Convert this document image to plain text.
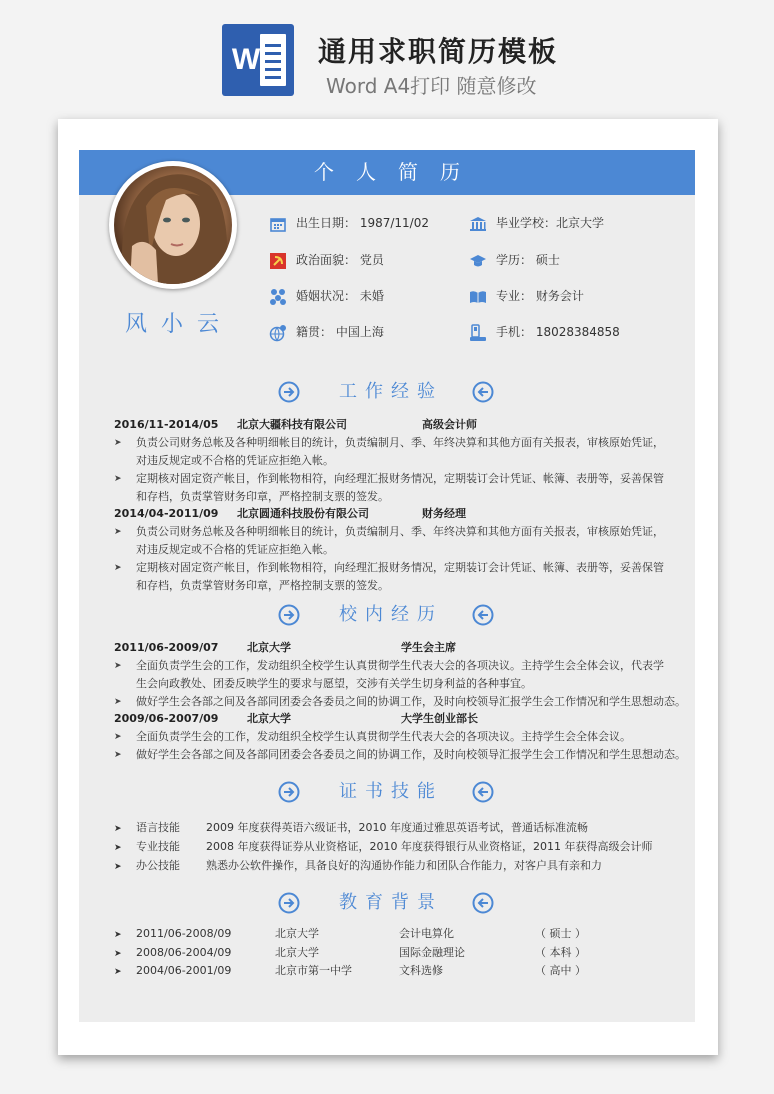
W 通用求职简历模板
Word A4打印 随意修改
个人简历
风小云
出生日期： 1987/11/02
政治面貌： 党员
婚姻状况： 未婚
籍贯： 中国上海
毕业学校：北京大学
学历： 硕士
专业： 财务会计
手机： 18028384858
工作经验
2016/11-2014/05 北京大疆科技有限公司	高级会计师
➤ 负责公司财务总帐及各种明细帐目的统计，负责编制月、季、年终决算和其他方面有关报表，审核原始凭证，对违反规定或不合格的凭证应拒绝入帐。
➤ 定期核对固定资产帐目，作到帐物相符，向经理汇报财务情况，定期装订会计凭证、帐簿、表册等，妥善保管和存档，负责掌管财务印章，严格控制支票的签发。
2014/04-2011/09 北京圆通科技股份有限公司	财务经理
➤ 负责公司财务总帐及各种明细帐目的统计，负责编制月、季、年终决算和其他方面有关报表，审核原始凭证，对违反规定或不合格的凭证应拒绝入帐。
➤ 定期核对固定资产帐目，作到帐物相符，向经理汇报财务情况，定期装订会计凭证、帐簿、表册等，妥善保管和存档，负责掌管财务印章，严格控制支票的签发。
校内经历
2011/06-2009/07	北京大学	学生会主席
➤ 全面负责学生会的工作，发动组织全校学生认真贯彻学生代表大会的各项决议。主持学生会全体会议，代表学生会向政教处、团委反映学生的要求与愿望，交涉有关学生切身利益的各种事宜。
➤ 做好学生会各部之间及各部同团委会各委员之间的协调工作，及时向校领导汇报学生会工作情况和学生思想动态。
2009/06-2007/09	北京大学	大学生创业部长
➤ 全面负责学生会的工作，发动组织全校学生认真贯彻学生代表大会的各项决议。主持学生会全体会议。
➤ 做好学生会各部之间及各部同团委会各委员之间的协调工作，及时向校领导汇报学生会工作情况和学生思想动态。
证书技能
➤ 语言技能 2009 年度获得英语六级证书，2010 年度通过雅思英语考试，普通话标准流畅
➤ 专业技能 2008 年度获得证券从业资格证，2010 年度获得银行从业资格证，2011 年获得高级会计师
➤ 办公技能 熟悉办公软件操作，具备良好的沟通协作能力和团队合作能力，对客户具有亲和力
教育背景
➤ 2011/06-2008/09	北京大学	会计电算化	（ 硕士 ）
➤ 2008/06-2004/09	北京大学	国际金融理论	（ 本科 ）
➤ 2004/06-2001/09	北京市第一中学	文科选修	（ 高中 ）
